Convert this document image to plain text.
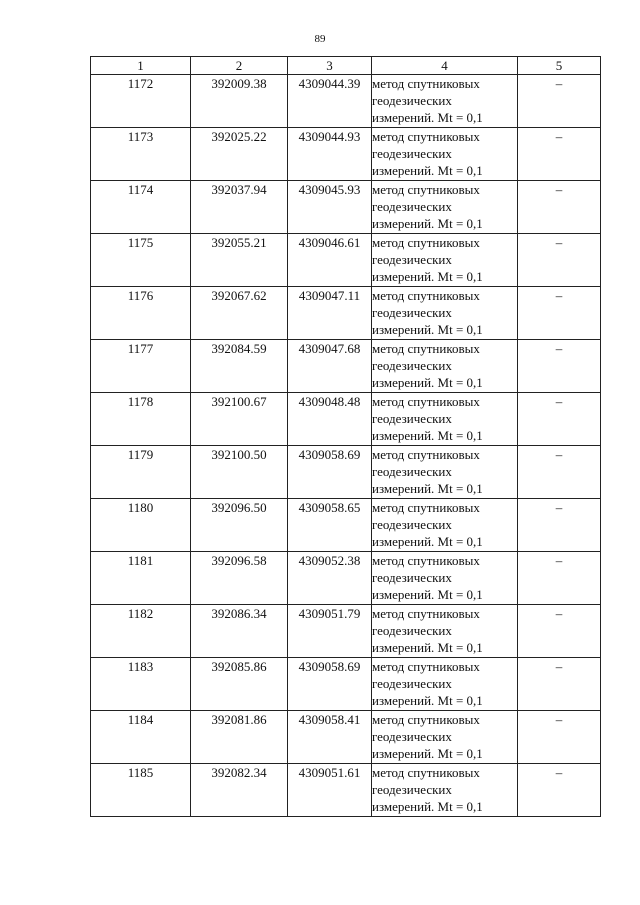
89
1	2	3	4	5
1172	392009.38	4309044.39	метод спутниковых
геодезических
измерений. Mt = 0,1	–
1173	392025.22	4309044.93	метод спутниковых
геодезических
измерений. Mt = 0,1	–
1174	392037.94	4309045.93	метод спутниковых
геодезических
измерений. Mt = 0,1	–
1175	392055.21	4309046.61	метод спутниковых
геодезических
измерений. Mt = 0,1	–
1176	392067.62	4309047.11	метод спутниковых
геодезических
измерений. Mt = 0,1	–
1177	392084.59	4309047.68	метод спутниковых
геодезических
измерений. Mt = 0,1	–
1178	392100.67	4309048.48	метод спутниковых
геодезических
измерений. Mt = 0,1	–
1179	392100.50	4309058.69	метод спутниковых
геодезических
измерений. Mt = 0,1	–
1180	392096.50	4309058.65	метод спутниковых
геодезических
измерений. Mt = 0,1	–
1181	392096.58	4309052.38	метод спутниковых
геодезических
измерений. Mt = 0,1	–
1182	392086.34	4309051.79	метод спутниковых
геодезических
измерений. Mt = 0,1	–
1183	392085.86	4309058.69	метод спутниковых
геодезических
измерений. Mt = 0,1	–
1184	392081.86	4309058.41	метод спутниковых
геодезических
измерений. Mt = 0,1	–
1185	392082.34	4309051.61	метод спутниковых
геодезических
измерений. Mt = 0,1	–
